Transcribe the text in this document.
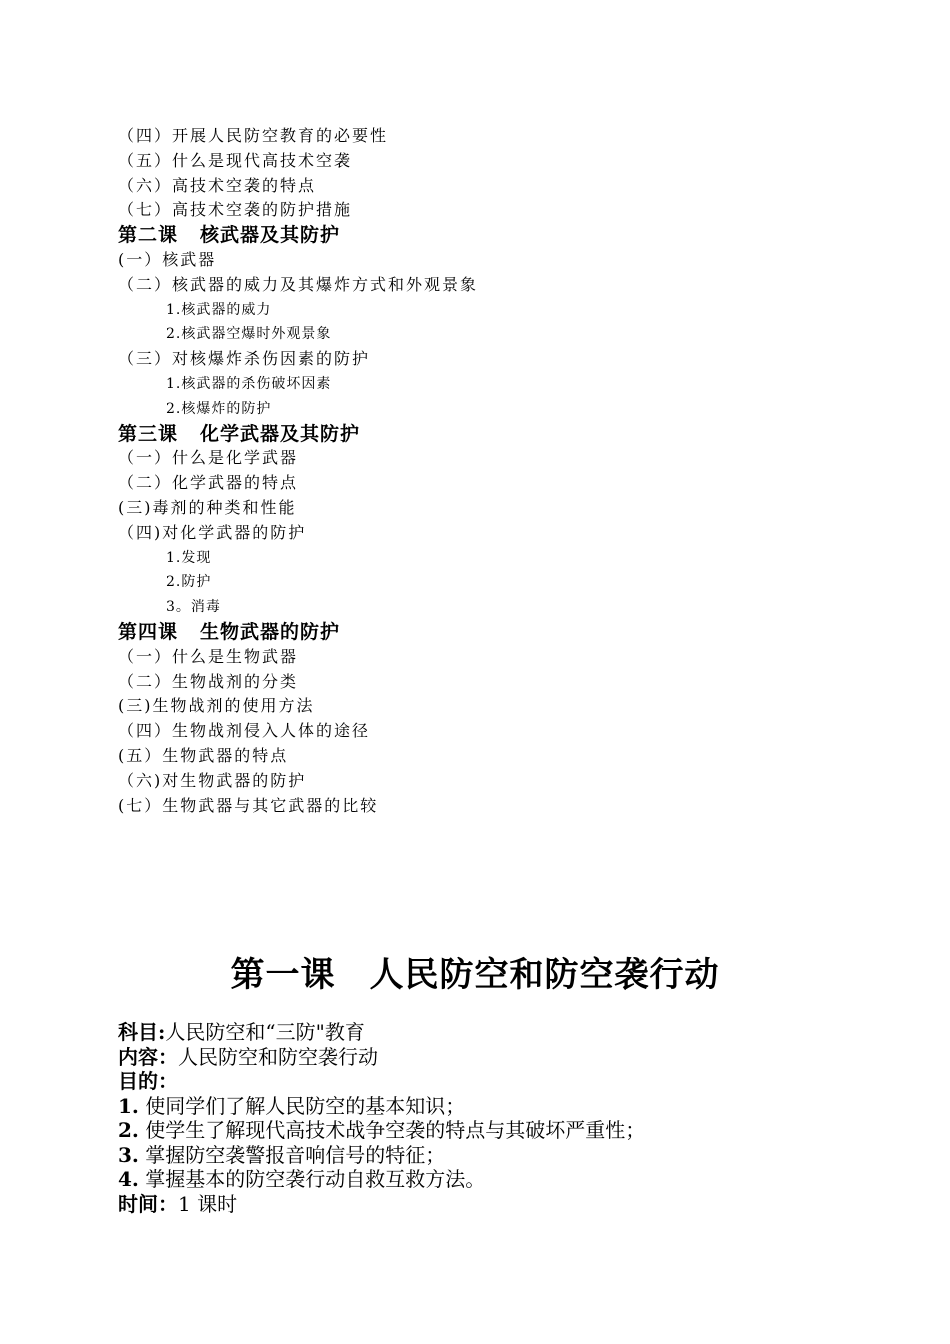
（四）开展人民防空教育的必要性
（五）什么是现代高技术空袭
（六）高技术空袭的特点
（七）高技术空袭的防护措施
第二课 核武器及其防护
(一）核武器
（二）核武器的威力及其爆炸方式和外观景象
1.核武器的威力
2.核武器空爆时外观景象
（三）对核爆炸杀伤因素的防护
1.核武器的杀伤破坏因素
2.核爆炸的防护
第三课 化学武器及其防护
（一）什么是化学武器
（二）化学武器的特点
(三)毒剂的种类和性能
（四)对化学武器的防护
1.发现
2.防护
3。消毒
第四课 生物武器的防护
（一）什么是生物武器
（二）生物战剂的分类
(三)生物战剂的使用方法
（四）生物战剂侵入人体的途径
(五）生物武器的特点
（六)对生物武器的防护
(七）生物武器与其它武器的比较
第一课 人民防空和防空袭行动
科目:人民防空和“三防"教育
内容：人民防空和防空袭行动
目的：
1. 使同学们了解人民防空的基本知识；
2. 使学生了解现代高技术战争空袭的特点与其破坏严重性；
3. 掌握防空袭警报音响信号的特征；
4. 掌握基本的防空袭行动自救互救方法。
时间：1 课时
